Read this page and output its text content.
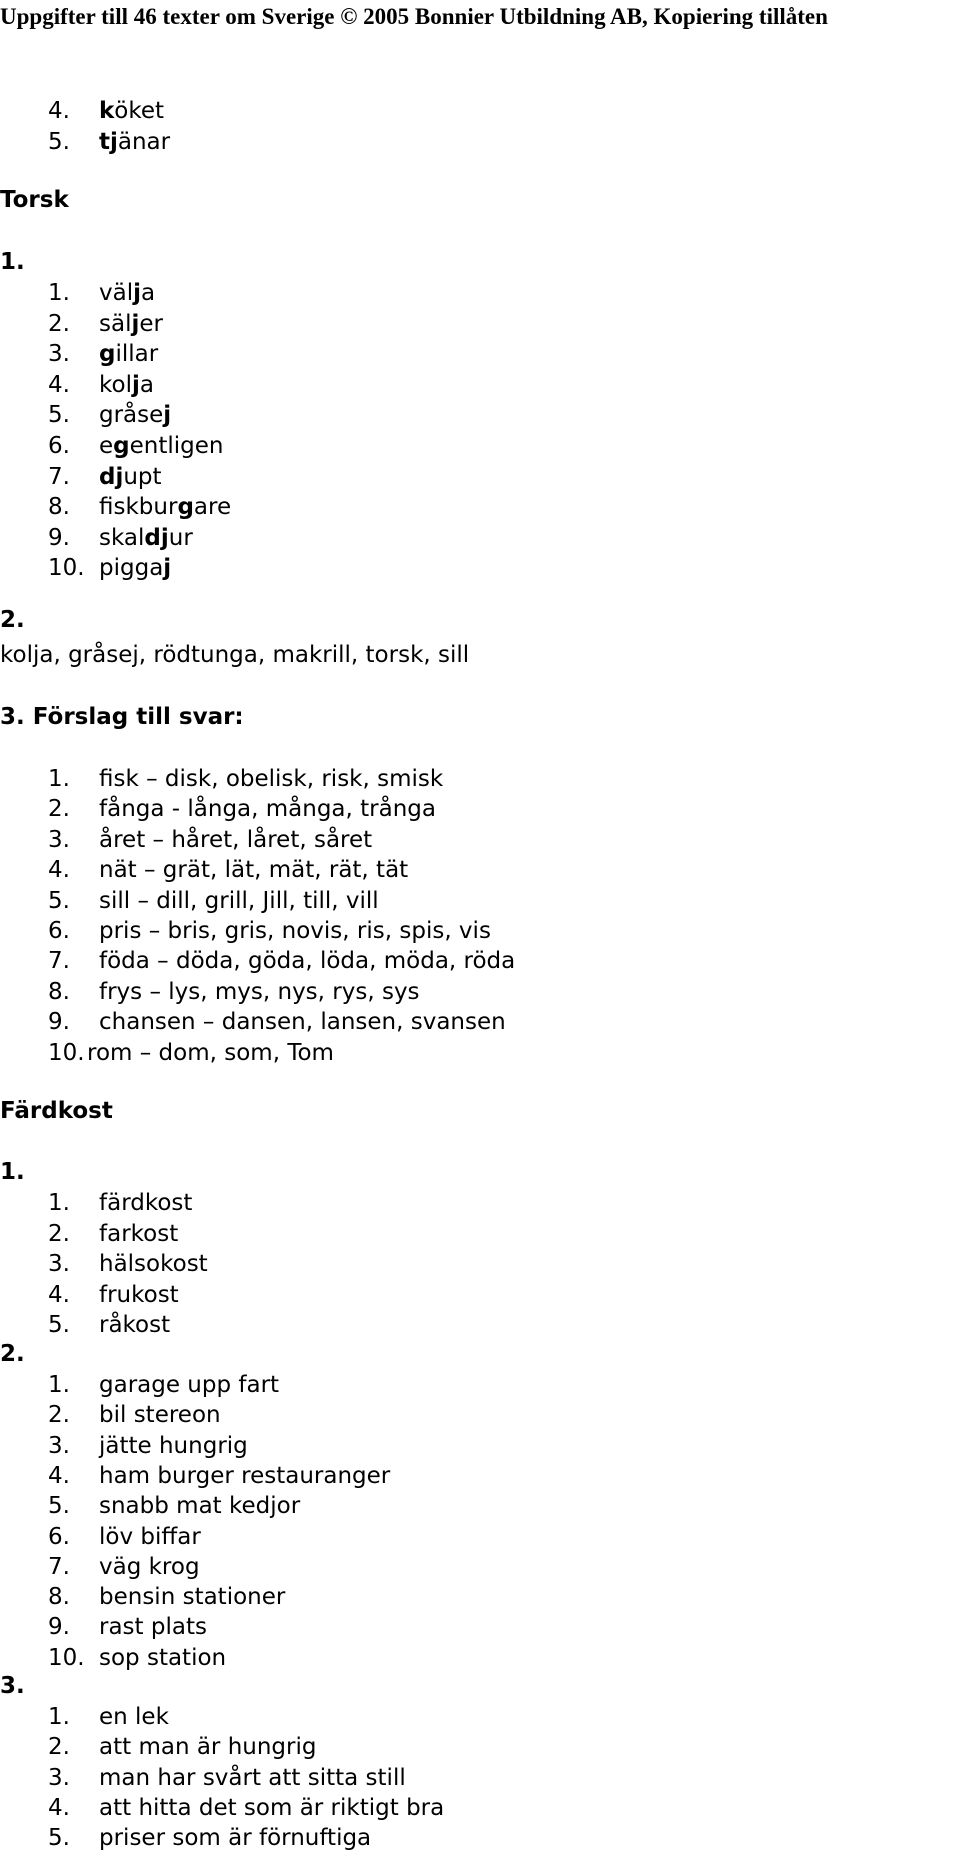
Uppgifter till 46 texter om Sverige © 2005 Bonnier Utbildning AB, Kopiering tillåten
4. köket
5. tjänar
Torsk
1.
1. välja
2. säljer
3. gillar
4. kolja
5. gråsej
6. egentligen
7. djupt
8. fiskburgare
9. skaldjur
10. piggaj
2.
kolja, gråsej, rödtunga, makrill, torsk, sill
3. Förslag till svar:
1. fisk – disk, obelisk, risk, smisk
2. fånga - långa, många, trånga
3. året – håret, låret, såret
4. nät – grät, lät, mät, rät, tät
5. sill – dill, grill, Jill, till, vill
6. pris – bris, gris, novis, ris, spis, vis
7. föda – döda, göda, löda, möda, röda
8. frys – lys, mys, nys, rys, sys
9. chansen – dansen, lansen, svansen
10. rom – dom, som, Tom
Färdkost
1.
1. färdkost
2. farkost
3. hälsokost
4. frukost
5. råkost
2.
1. garage upp fart
2. bil stereon
3. jätte hungrig
4. ham burger restauranger
5. snabb mat kedjor
6. löv biffar
7. väg krog
8. bensin stationer
9. rast plats
10. sop station
3.
1. en lek
2. att man är hungrig
3. man har svårt att sitta still
4. att hitta det som är riktigt bra
5. priser som är förnuftiga
